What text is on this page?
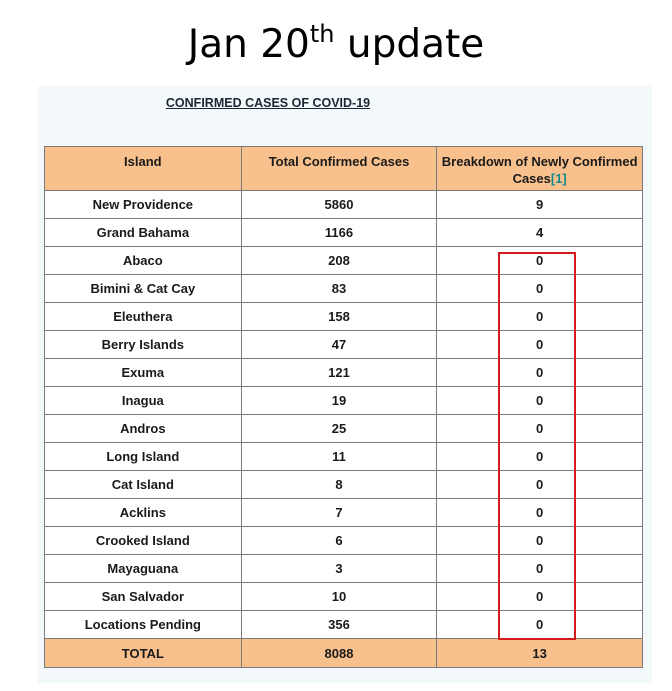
Jan 20th update
CONFIRMED CASES OF COVID-19
Island	Total Confirmed Cases	Breakdown of Newly Confirmed Cases[1]
New Providence	5860	9
Grand Bahama	1166	4
Abaco	208	0
Bimini & Cat Cay	83	0
Eleuthera	158	0
Berry Islands	47	0
Exuma	121	0
Inagua	19	0
Andros	25	0
Long Island	11	0
Cat Island	8	0
Acklins	7	0
Crooked Island	6	0
Mayaguana	3	0
San Salvador	10	0
Locations Pending	356	0
TOTAL	8088	13
